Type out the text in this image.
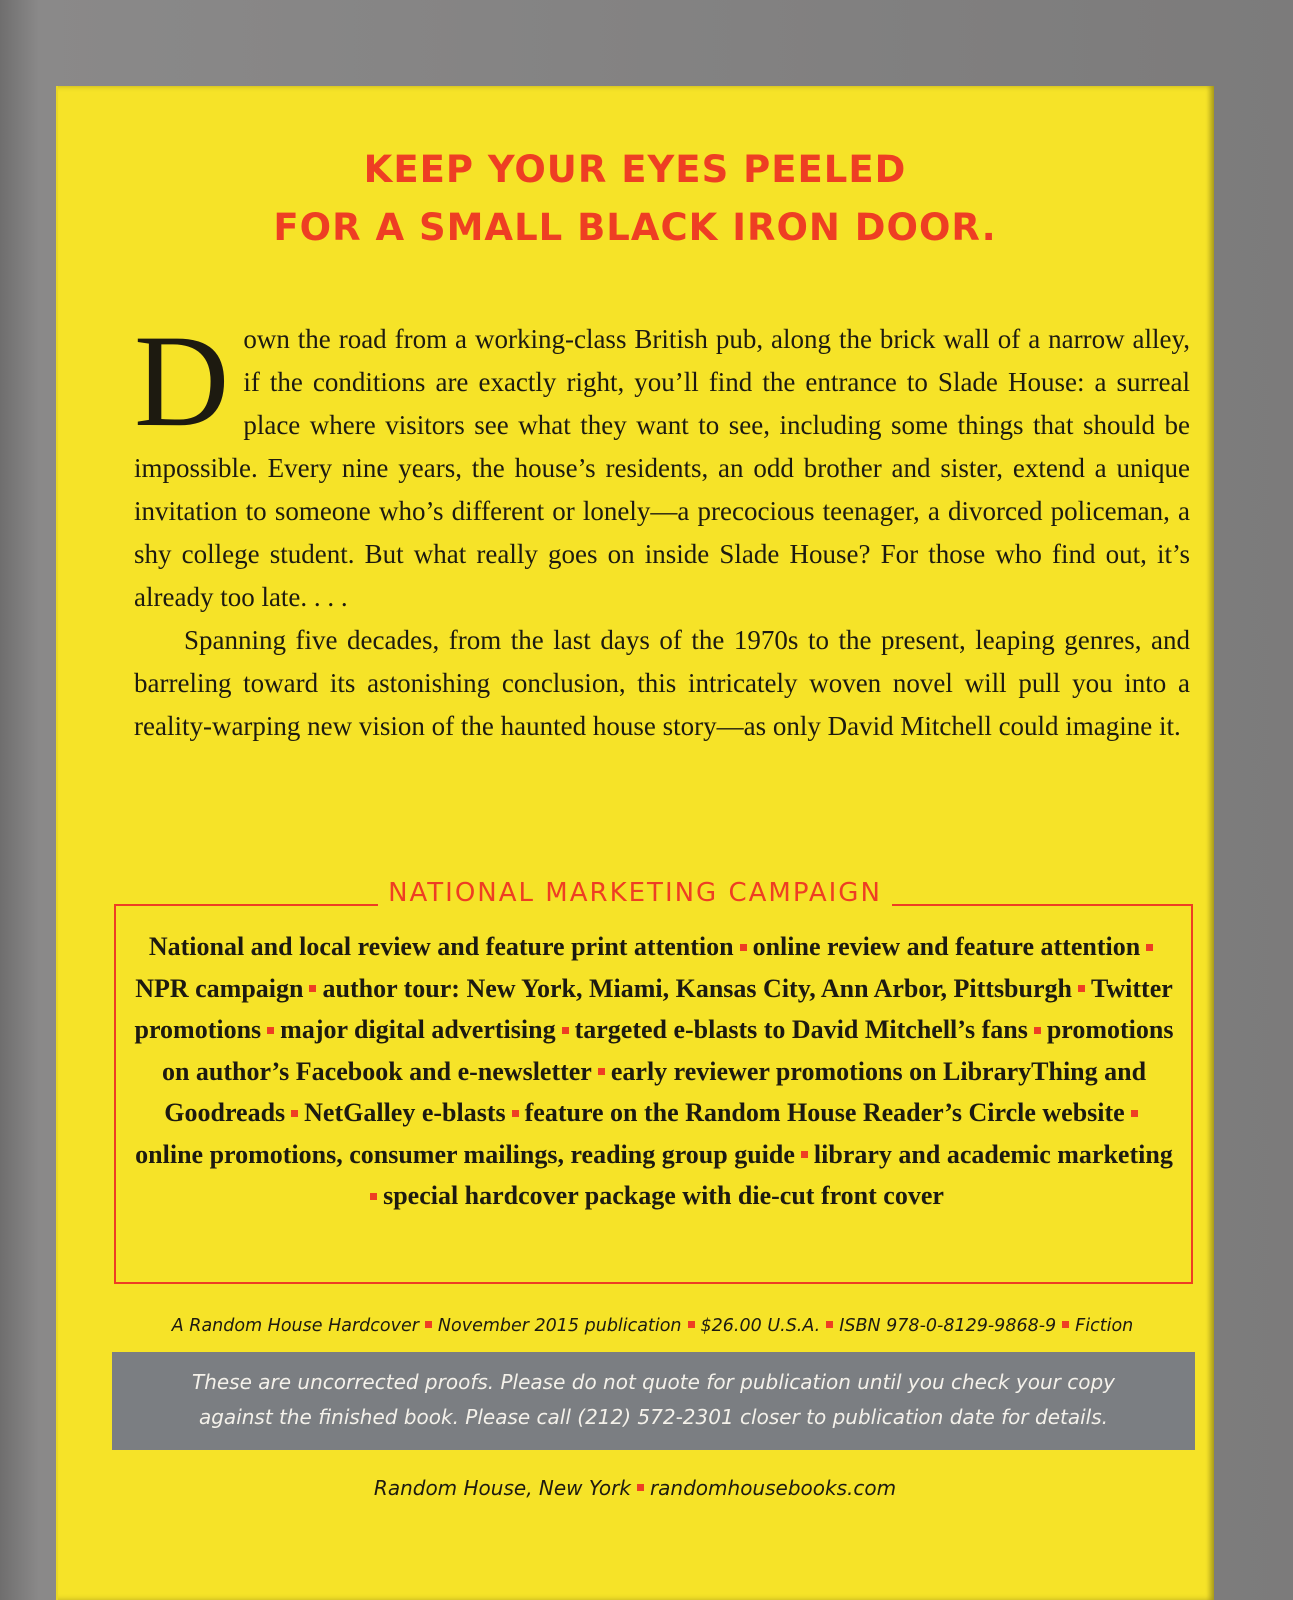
KEEP YOUR EYES PEELED
FOR A SMALL BLACK IRON DOOR.

Down the road from a working-class British pub, along the brick wall of a narrow alley, if the conditions are exactly right, you’ll find the entrance to Slade House: a surreal place where visitors see what they want to see, including some things that should be impossible. Every nine years, the house’s residents, an odd brother and sister, extend a unique invitation to someone who’s different or lonely—a precocious teenager, a divorced policeman, a shy college student. But what really goes on inside Slade House? For those who find out, it’s already too late. . . .

Spanning five decades, from the last days of the 1970s to the present, leaping genres, and barreling toward its astonishing conclusion, this intricately woven novel will pull you into a reality-warping new vision of the haunted house story—as only David Mitchell could imagine it.

NATIONAL MARKETING CAMPAIGN
National and local review and feature print attention online review and feature attentionNPR campaign author tour: New York, Miami, Kansas City, Ann Arbor, Pittsburgh Twitter promotions major digital advertising targeted e-blasts to David Mitchell’s fans promotions on author’s Facebook and e-newsletter early reviewer promotions on LibraryThing and Goodreads NetGalley e-blasts feature on the Random House Reader’s Circle websiteonline promotions, consumer mailings, reading group guide library and academic marketingspecial hardcover package with die-cut front cover
A Random House Hardcover November 2015 publication $26.00 U.S.A. ISBN 978-0-8129-9868-9 Fiction
These are uncorrected proofs. Please do not quote for publication until you check your copy
against the finished book. Please call (212) 572-2301 closer to publication date for details.
Random House, New York randomhousebooks.com
